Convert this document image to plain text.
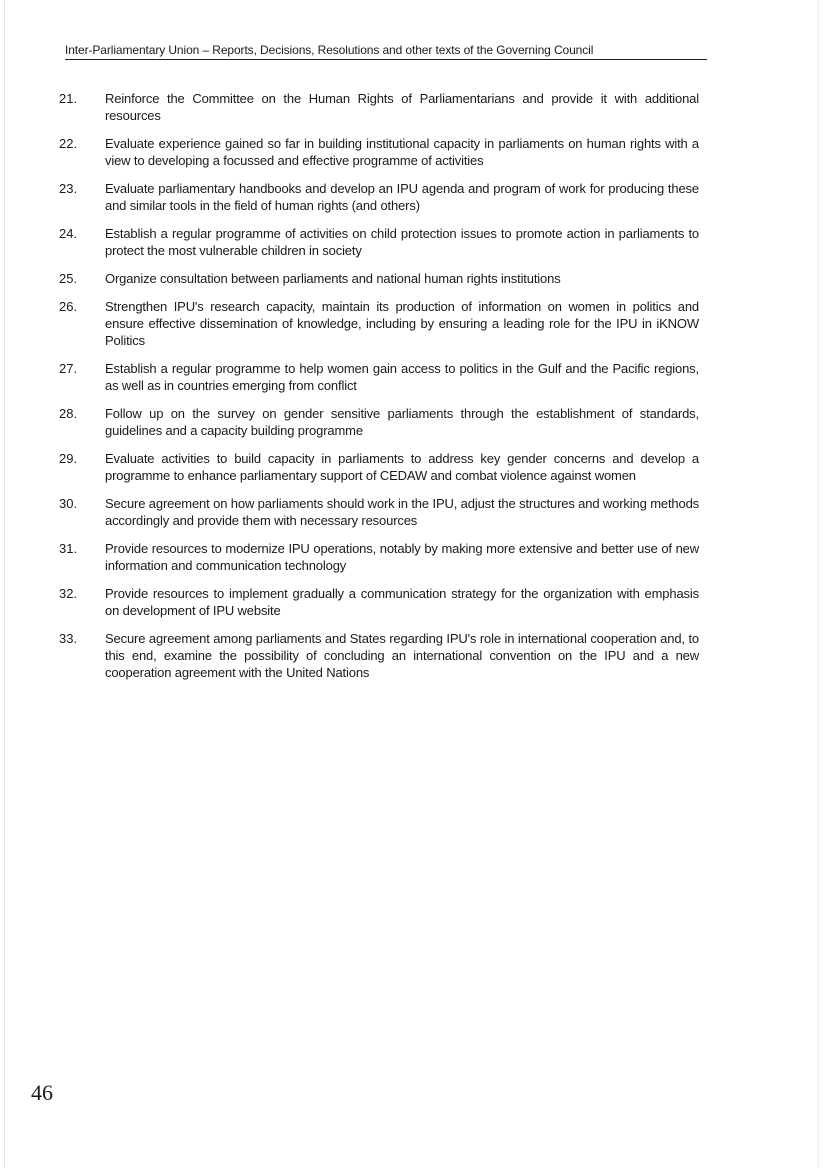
Inter-Parliamentary Union – Reports, Decisions, Resolutions and other texts of the Governing Council
21.	Reinforce the Committee on the Human Rights of Parliamentarians and provide it with additional resources
22.	Evaluate experience gained so far in building institutional capacity in parliaments on human rights with a view to developing a focussed and effective programme of activities
23.	Evaluate parliamentary handbooks and develop an IPU agenda and program of work for producing these and similar tools in the field of human rights (and others)
24.	Establish a regular programme of activities on child protection issues to promote action in parliaments to protect the most vulnerable children in society
25.	Organize consultation between parliaments and national human rights institutions
26.	Strengthen IPU's research capacity, maintain its production of information on women in politics and ensure effective dissemination of knowledge, including by ensuring a leading role for the IPU in iKNOW Politics
27.	Establish a regular programme to help women gain access to politics in the Gulf and the Pacific regions, as well as in countries emerging from conflict
28.	Follow up on the survey on gender sensitive parliaments through the establishment of standards, guidelines and a capacity building programme
29.	Evaluate activities to build capacity in parliaments to address key gender concerns and develop a programme to enhance parliamentary support of CEDAW and combat violence against women
30.	Secure agreement on how parliaments should work in the IPU, adjust the structures and working methods accordingly and provide them with necessary resources
31.	Provide resources to modernize IPU operations, notably by making more extensive and better use of new information and communication technology
32.	Provide resources to implement gradually a communication strategy for the organization with emphasis on development of IPU website
33.	Secure agreement among parliaments and States regarding IPU's role in international cooperation and, to this end, examine the possibility of concluding an international convention on the IPU and a new cooperation agreement with the United Nations
46
